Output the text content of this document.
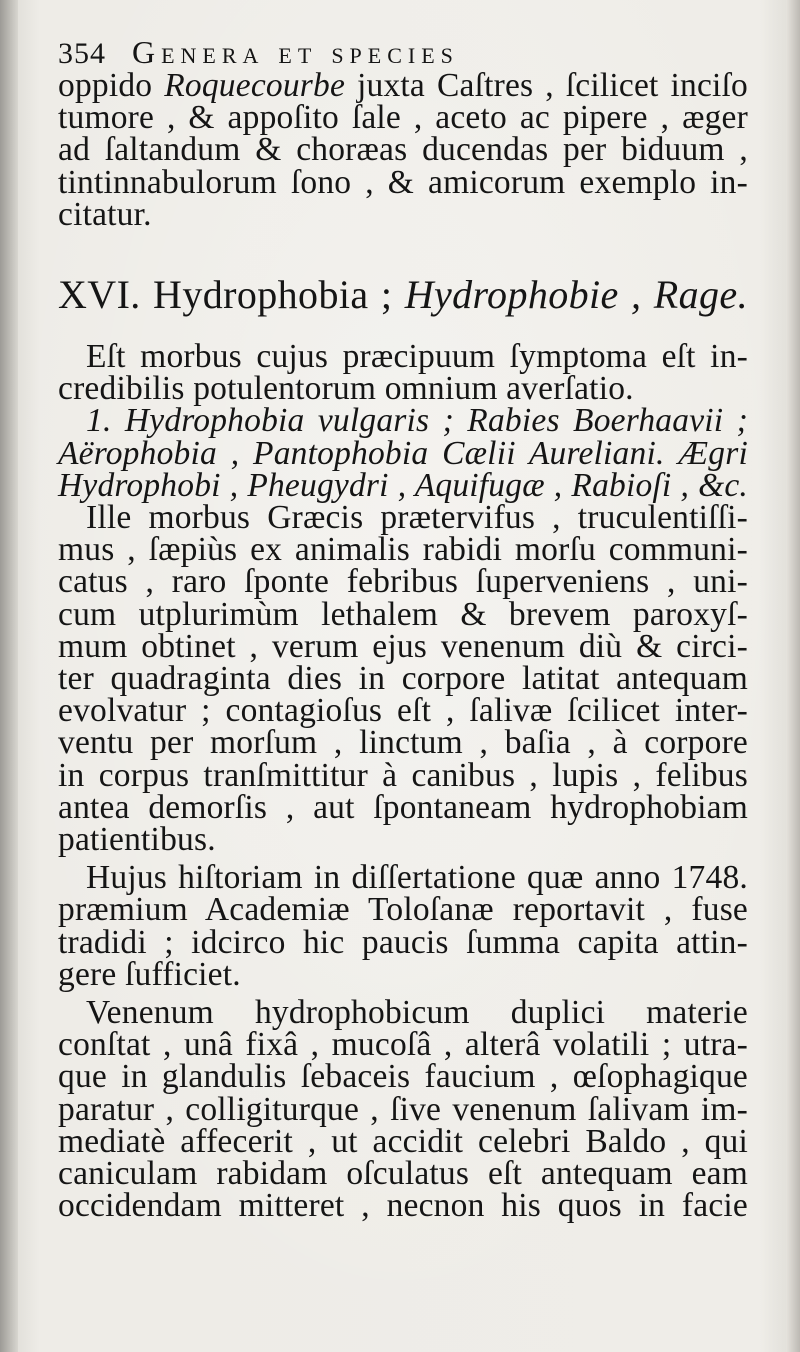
354 Genera et species
oppido Roquecourbe juxta Caſtres , ſcilicet inciſo
tumore , & appoſito ſale , aceto ac pipere , æger
ad ſaltandum & choræas ducendas per biduum ,
tintinnabulorum ſono , & amicorum exemplo in-
citatur.
XVI. Hydrophobia ; Hydrophobie , Rage.
Eſt morbus cujus præcipuum ſymptoma eſt in-
credibilis potulentorum omnium averſatio.
1. Hydrophobia vulgaris ; Rabies Boerhaavii ;
Aërophobia , Pantophobia Cælii Aureliani. Ægri
Hydrophobi , Pheugydri , Aquifugæ , Rabioſi , &c.
Ille morbus Græcis prætervifus , truculentiſſi-
mus , ſæpiùs ex animalis rabidi morſu communi-
catus , raro ſponte febribus ſuperveniens , uni-
cum utplurimùm lethalem & brevem paroxyſ-
mum obtinet , verum ejus venenum diù & circi-
ter quadraginta dies in corpore latitat antequam
evolvatur ; contagioſus eſt , ſalivæ ſcilicet inter-
ventu per morſum , linctum , baſia , à corpore
in corpus tranſmittitur à canibus , lupis , felibus
antea demorſis , aut ſpontaneam hydrophobiam
patientibus.
Hujus hiſtoriam in diſſertatione quæ anno 1748.
præmium Academiæ Toloſanæ reportavit , fuse
tradidi ; idcirco hic paucis ſumma capita attin-
gere ſufficiet.
Venenum hydrophobicum duplici materie
conſtat , unâ fixâ , mucoſâ , alterâ volatili ; utra-
que in glandulis ſebaceis faucium , œſophagique
paratur , colligiturque , ſive venenum ſalivam im-
mediatè affecerit , ut accidit celebri Baldo , qui
caniculam rabidam oſculatus eſt antequam eam
occidendam mitteret , necnon his quos in facie
